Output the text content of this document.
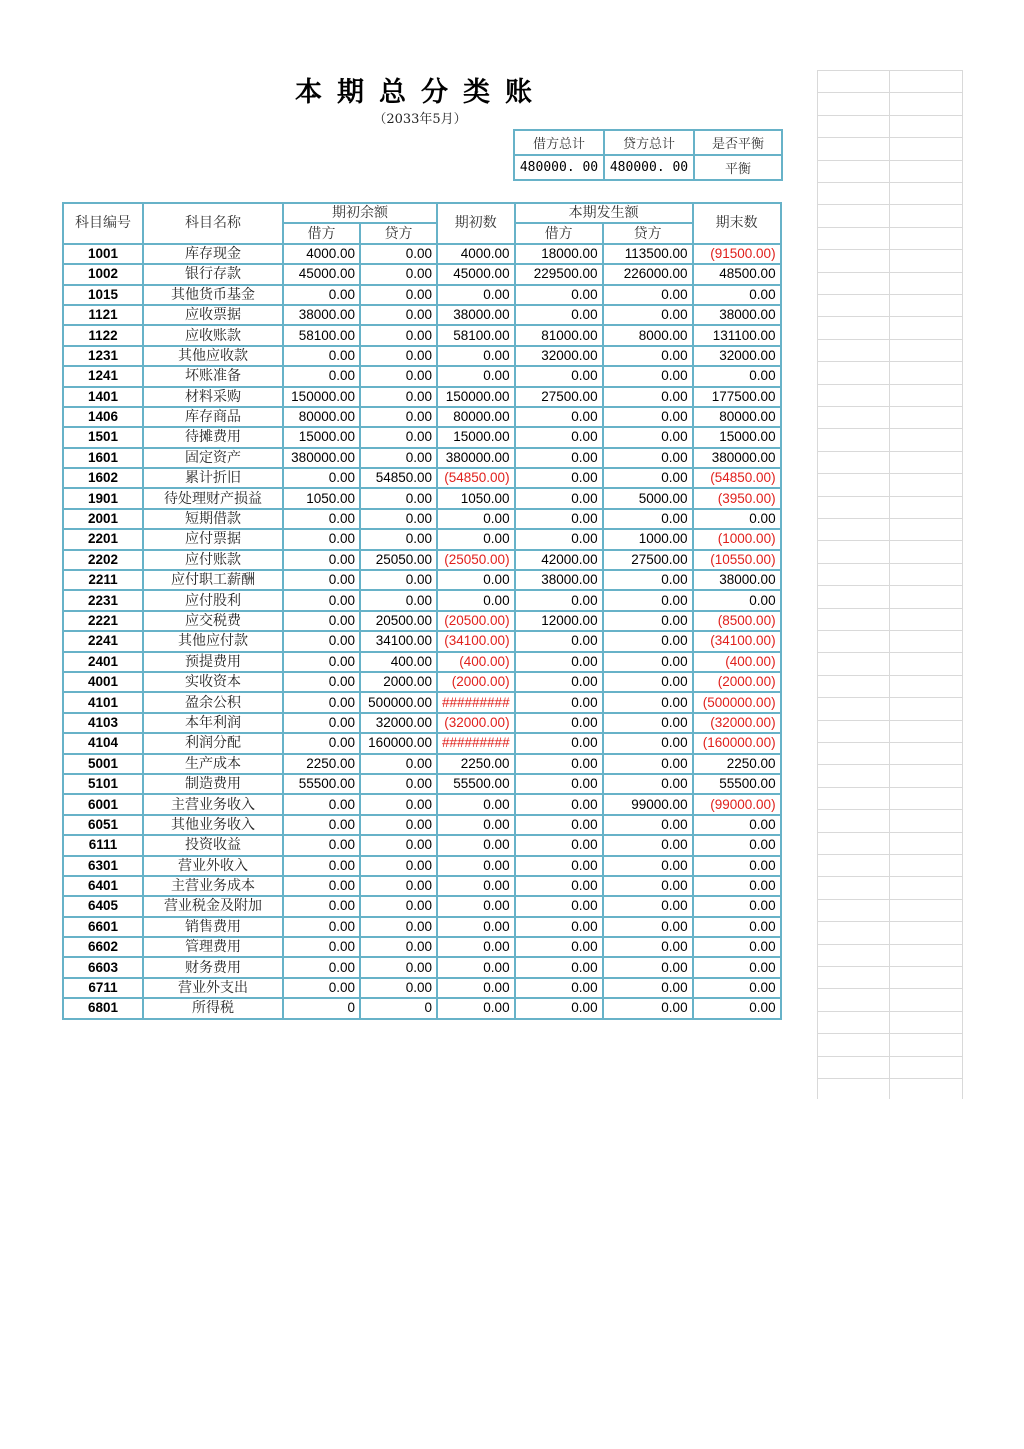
本期总分类账
（2033年5月）
借方总计	贷方总计	是否平衡
480000. 00	480000. 00	平衡
科目编号	科目名称	期初余额		期初数	本期发生额		期末数
		借方	贷方		借方	贷方	
1001	库存现金	4000.00	0.00	4000.00	18000.00	113500.00	(91500.00)
1002	银行存款	45000.00	0.00	45000.00	229500.00	226000.00	48500.00
1015	其他货币基金	0.00	0.00	0.00	0.00	0.00	0.00
1121	应收票据	38000.00	0.00	38000.00	0.00	0.00	38000.00
1122	应收账款	58100.00	0.00	58100.00	81000.00	8000.00	131100.00
1231	其他应收款	0.00	0.00	0.00	32000.00	0.00	32000.00
1241	坏账准备	0.00	0.00	0.00	0.00	0.00	0.00
1401	材料采购	150000.00	0.00	150000.00	27500.00	0.00	177500.00
1406	库存商品	80000.00	0.00	80000.00	0.00	0.00	80000.00
1501	待摊费用	15000.00	0.00	15000.00	0.00	0.00	15000.00
1601	固定资产	380000.00	0.00	380000.00	0.00	0.00	380000.00
1602	累计折旧	0.00	54850.00	(54850.00)	0.00	0.00	(54850.00)
1901	待处理财产损益	1050.00	0.00	1050.00	0.00	5000.00	(3950.00)
2001	短期借款	0.00	0.00	0.00	0.00	0.00	0.00
2201	应付票据	0.00	0.00	0.00	0.00	1000.00	(1000.00)
2202	应付账款	0.00	25050.00	(25050.00)	42000.00	27500.00	(10550.00)
2211	应付职工薪酬	0.00	0.00	0.00	38000.00	0.00	38000.00
2231	应付股利	0.00	0.00	0.00	0.00	0.00	0.00
2221	应交税费	0.00	20500.00	(20500.00)	12000.00	0.00	(8500.00)
2241	其他应付款	0.00	34100.00	(34100.00)	0.00	0.00	(34100.00)
2401	预提费用	0.00	400.00	(400.00)	0.00	0.00	(400.00)
4001	实收资本	0.00	2000.00	(2000.00)	0.00	0.00	(2000.00)
4101	盈余公积	0.00	500000.00	#########	0.00	0.00	(500000.00)
4103	本年利润	0.00	32000.00	(32000.00)	0.00	0.00	(32000.00)
4104	利润分配	0.00	160000.00	#########	0.00	0.00	(160000.00)
5001	生产成本	2250.00	0.00	2250.00	0.00	0.00	2250.00
5101	制造费用	55500.00	0.00	55500.00	0.00	0.00	55500.00
6001	主营业务收入	0.00	0.00	0.00	0.00	99000.00	(99000.00)
6051	其他业务收入	0.00	0.00	0.00	0.00	0.00	0.00
6111	投资收益	0.00	0.00	0.00	0.00	0.00	0.00
6301	营业外收入	0.00	0.00	0.00	0.00	0.00	0.00
6401	主营业务成本	0.00	0.00	0.00	0.00	0.00	0.00
6405	营业税金及附加	0.00	0.00	0.00	0.00	0.00	0.00
6601	销售费用	0.00	0.00	0.00	0.00	0.00	0.00
6602	管理费用	0.00	0.00	0.00	0.00	0.00	0.00
6603	财务费用	0.00	0.00	0.00	0.00	0.00	0.00
6711	营业外支出	0.00	0.00	0.00	0.00	0.00	0.00
6801	所得税	0	0	0.00	0.00	0.00	0.00
